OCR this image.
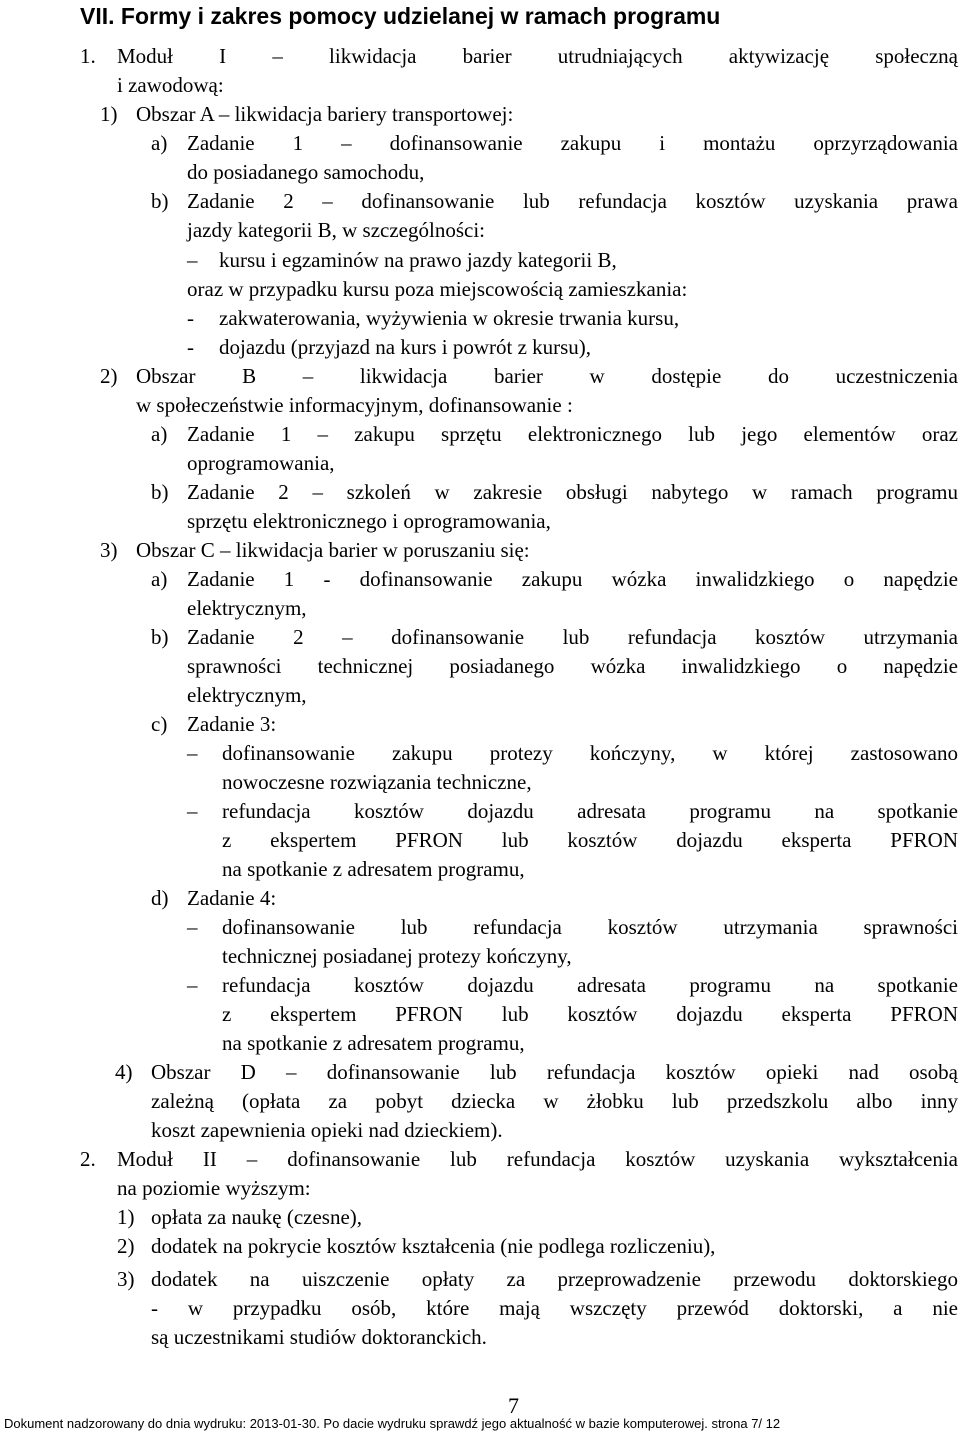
VII. Formy i zakres pomocy udzielanej w ramach programu
1. Moduł I – likwidacja barier utrudniających aktywizację społeczną
i zawodową:
1) Obszar A – likwidacja bariery transportowej:
a) Zadanie 1 – dofinansowanie zakupu i montażu oprzyrządowania
do posiadanego samochodu,
b) Zadanie 2 – dofinansowanie lub refundacja kosztów uzyskania prawa
jazdy kategorii B, w szczególności:
– kursu i egzaminów na prawo jazdy kategorii B,
oraz w przypadku kursu poza miejscowością zamieszkania:
- zakwaterowania, wyżywienia w okresie trwania kursu,
- dojazdu (przyjazd na kurs i powrót z kursu),
2) Obszar B – likwidacja barier w dostępie do uczestniczenia
w społeczeństwie informacyjnym, dofinansowanie :
a) Zadanie 1 – zakupu sprzętu elektronicznego lub jego elementów oraz
oprogramowania,
b) Zadanie 2 – szkoleń w zakresie obsługi nabytego w ramach programu
sprzętu elektronicznego i oprogramowania,
3) Obszar C – likwidacja barier w poruszaniu się:
a) Zadanie 1 - dofinansowanie zakupu wózka inwalidzkiego o napędzie
elektrycznym,
b) Zadanie 2 – dofinansowanie lub refundacja kosztów utrzymania
sprawności technicznej posiadanego wózka inwalidzkiego o napędzie
elektrycznym,
c) Zadanie 3:
– dofinansowanie zakupu protezy kończyny, w której zastosowano
nowoczesne rozwiązania techniczne,
– refundacja kosztów dojazdu adresata programu na spotkanie
z ekspertem PFRON lub kosztów dojazdu eksperta PFRON
na spotkanie z adresatem programu,
d) Zadanie 4:
– dofinansowanie lub refundacja kosztów utrzymania sprawności
technicznej posiadanej protezy kończyny,
– refundacja kosztów dojazdu adresata programu na spotkanie
z ekspertem PFRON lub kosztów dojazdu eksperta PFRON
na spotkanie z adresatem programu,
4) Obszar D – dofinansowanie lub refundacja kosztów opieki nad osobą
zależną (opłata za pobyt dziecka w żłobku lub przedszkolu albo inny
koszt zapewnienia opieki nad dzieckiem).
2. Moduł II – dofinansowanie lub refundacja kosztów uzyskania wykształcenia
na poziomie wyższym:
1) opłata za naukę (czesne),
2) dodatek na pokrycie kosztów kształcenia (nie podlega rozliczeniu),
3) dodatek na uiszczenie opłaty za przeprowadzenie przewodu doktorskiego
- w przypadku osób, które mają wszczęty przewód doktorski, a nie
są uczestnikami studiów doktoranckich.
7
Dokument nadzorowany do dnia wydruku: 2013-01-30. Po dacie wydruku sprawdź jego aktualność w bazie komputerowej. strona 7/ 12
